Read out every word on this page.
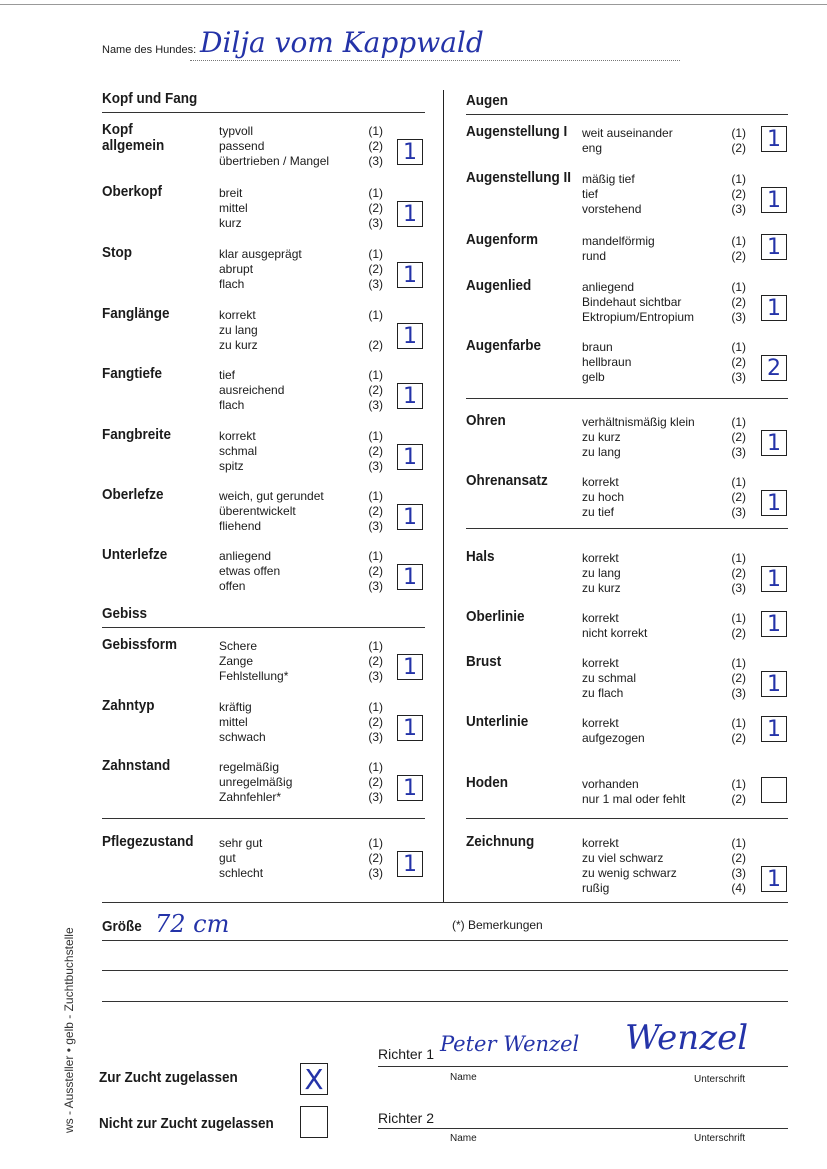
Name des Hundes: Dilja vom Kappwald
Kopf und Fang	Augen
Kopf
allgemein
typvoll	(1)
passend	(2)
übertrieben / Mangel	(3) 1
Oberkopf	breit	(1)
mittel	(2)
kurz	(3) 1
Stop	klar ausgeprägt	(1)
abrupt	(2)
flach	(3) 1
Fanglänge	korrekt	(1)
zu lang
zu kurz	(2) 1
Fangtiefe	tief	(1)
ausreichend	(2)
flach	(3) 1
Fangbreite	korrekt	(1)
schmal	(2)
spitz	(3) 1
Oberlefze	weich, gut gerundet	(1)
überentwickelt	(2)
fliehend	(3) 1
Unterlefze	anliegend	(1)
etwas offen	(2)
offen	(3) 1
Gebissform	Schere	(1)
Zange	(2)
Fehlstellung*	(3) 1
Zahntyp	kräftig	(1)
mittel	(2)
schwach	(3) 1
Zahnstand	regelmäßig	(1)
unregelmäßig	(2)
Zahnfehler*	(3) 1
Pflegezustand sehr gut	(1)
gut	(2)
schlecht	(3) 1
Gebiss
Augenstellung I weit auseinander	(1)
eng	(2) 1
Augenstellung II mäßig tief	(1)
tief	(2)
vorstehend	(3) 1
Augenform	mandelförmig	(1)
rund	(2) 1
Augenlied	anliegend	(1)
Bindehaut sichtbar	(2)
Ektropium/Entropium	(3) 1
Augenfarbe	braun	(1)
hellbraun	(2)
gelb	(3) 2
Ohren	verhältnismäßig klein	(1)
zu kurz	(2)
zu lang	(3) 1
Ohrenansatz	korrekt	(1)
zu hoch	(2)
zu tief	(3) 1
Hals	korrekt	(1)
zu lang	(2)
zu kurz	(3) 1
Oberlinie	korrekt	(1)
nicht korrekt	(2) 1
Brust	korrekt	(1)
zu schmal	(2)
zu flach	(3) 1
Unterlinie	korrekt	(1)
aufgezogen	(2) 1
Hoden	vorhanden	(1)
nur 1 mal oder fehlt	(2)
Zeichnung	korrekt	(1)
zu viel schwarz	(2)
zu wenig schwarz	(3)
rußig	(4) 1
Größe 72 cm	(*) Bemerkungen
ws - Aussteller • gelb - Zuchtbuchstelle Zur Zucht zugelassen X
Nicht zur Zucht zugelassen
Richter 1 Peter Wenzel Wenzel
Name	Unterschrift
Richter 2
Name	Unterschrift
